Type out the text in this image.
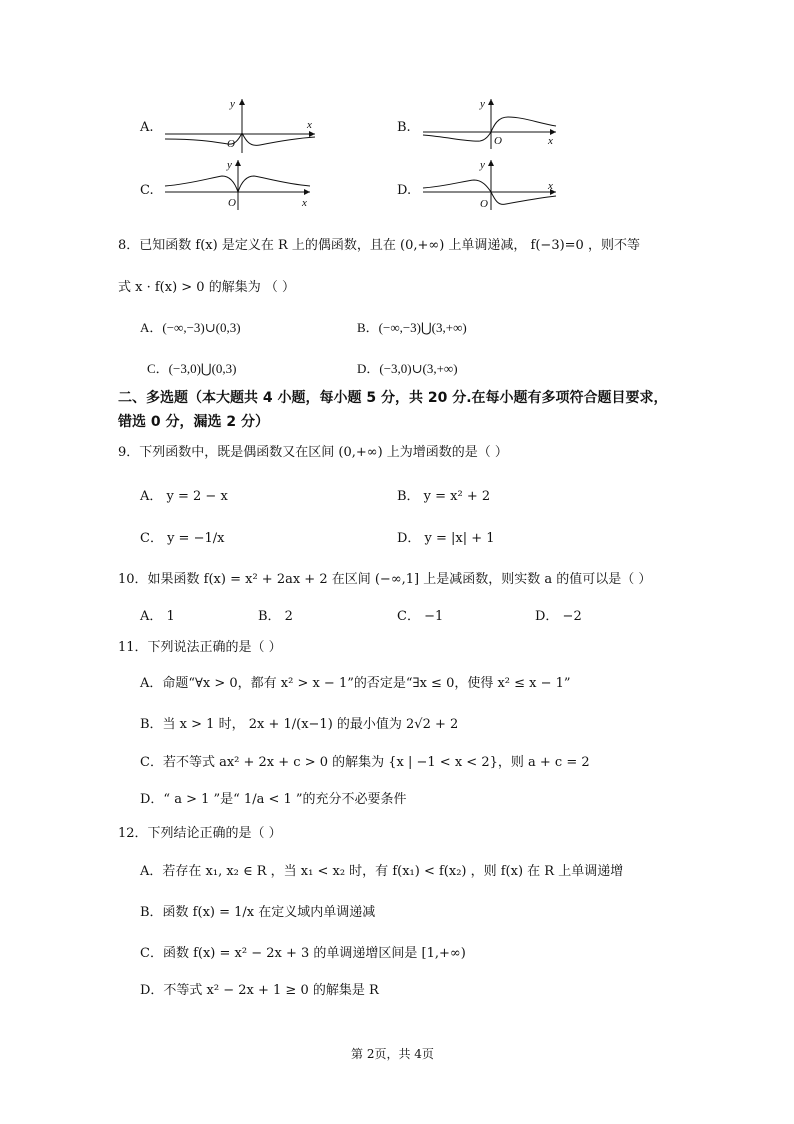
A.
y
x
O
B.
y
x
O
C.
y
x
O
D.
y
x
O
8．已知函数 f(x) 是定义在 R 上的偶函数，且在 (0,+∞) 上单调递减， f(−3)=0 ，则不等
式 x · f(x) > 0 的解集为 （ ）
A．(−∞,−3)∪(0,3)	B．(−∞,−3)⋃(3,+∞)
C．(−3,0)⋃(0,3)	D．(−3,0)∪(3,+∞)
二、多选题（本大题共 4 小题，每小题 5 分，共 20 分.在每小题有多项符合题目要求，错选 0 分，漏选 2 分）
9．下列函数中，既是偶函数又在区间 (0,+∞) 上为增函数的是（ ）
A． y = 2 − x	B． y = x² + 2
C． y = −1/x	D． y = |x| + 1
10．如果函数 f(x) = x² + 2ax + 2 在区间 (−∞,1] 上是减函数，则实数 a 的值可以是（ ）
A． 1	B． 2	C． −1	D． −2
11．下列说法正确的是（ ）
A．命题“∀x > 0，都有 x² > x − 1”的否定是“∃x ≤ 0，使得 x² ≤ x − 1”
B．当 x > 1 时， 2x + 1/(x−1) 的最小值为 2√2 + 2
C．若不等式 ax² + 2x + c > 0 的解集为 {x | −1 < x < 2}，则 a + c = 2
D．“ a > 1 ”是“ 1/a < 1 ”的充分不必要条件
12．下列结论正确的是（ ）
A．若存在 x₁, x₂ ∈ R ，当 x₁ < x₂ 时，有 f(x₁) < f(x₂) ，则 f(x) 在 R 上单调递增
B．函数 f(x) = 1/x 在定义域内单调递减
C．函数 f(x) = x² − 2x + 3 的单调递增区间是 [1,+∞)
D．不等式 x² − 2x + 1 ≥ 0 的解集是 R
第 2页，共 4页
